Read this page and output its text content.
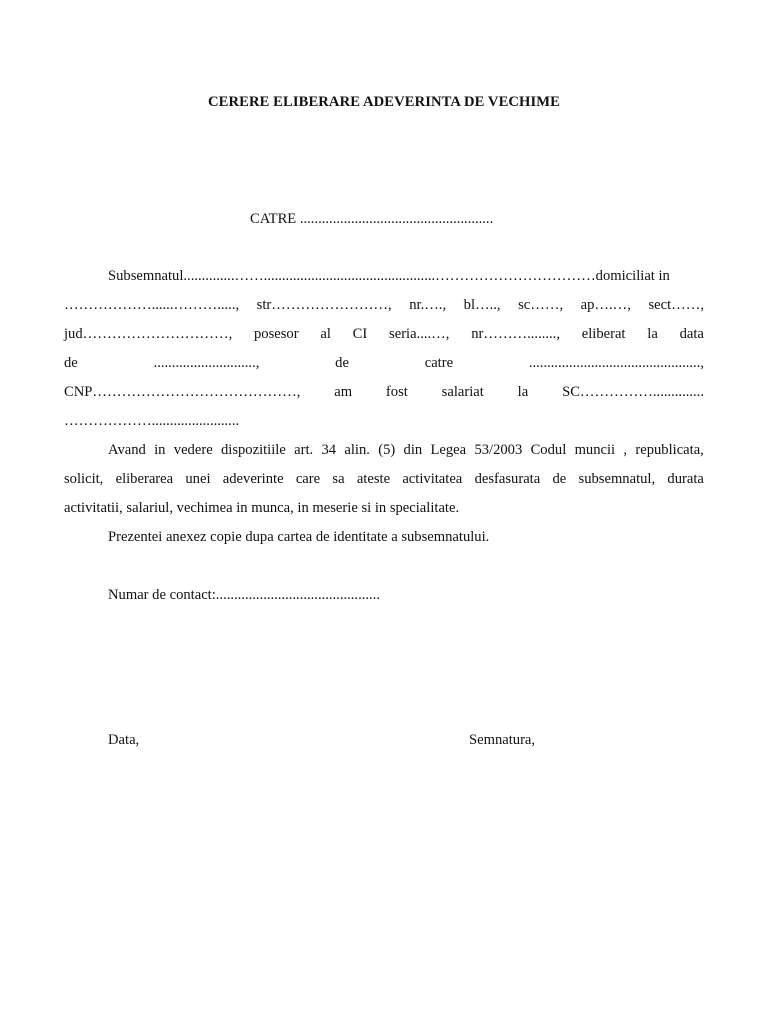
CERERE ELIBERARE ADEVERINTA DE VECHIME
CATRE .....................................................
Subsemnatul..............……...............................................……………………………domiciliat in
………………......………....., str……………………, nr.…., bl….., sc……, ap….…, sect……,
jud…………………………, posesor al CI seria....…, nr………........, eliberat la data
de	............................,	de	catre	...............................................,
CNP……………………………………, am fost salariat la SC……………..............
………………........................
Avand in vedere dispozitiile art. 34 alin. (5) din Legea 53/2003 Codul muncii , republicata,
solicit, eliberarea unei adeverinte care sa ateste activitatea desfasurata de subsemnatul, durata
activitatii, salariul, vechimea in munca, in meserie si in specialitate.
Prezentei anexez copie dupa cartea de identitate a subsemnatului.
Numar de contact:.............................................
Data,	Semnatura,
